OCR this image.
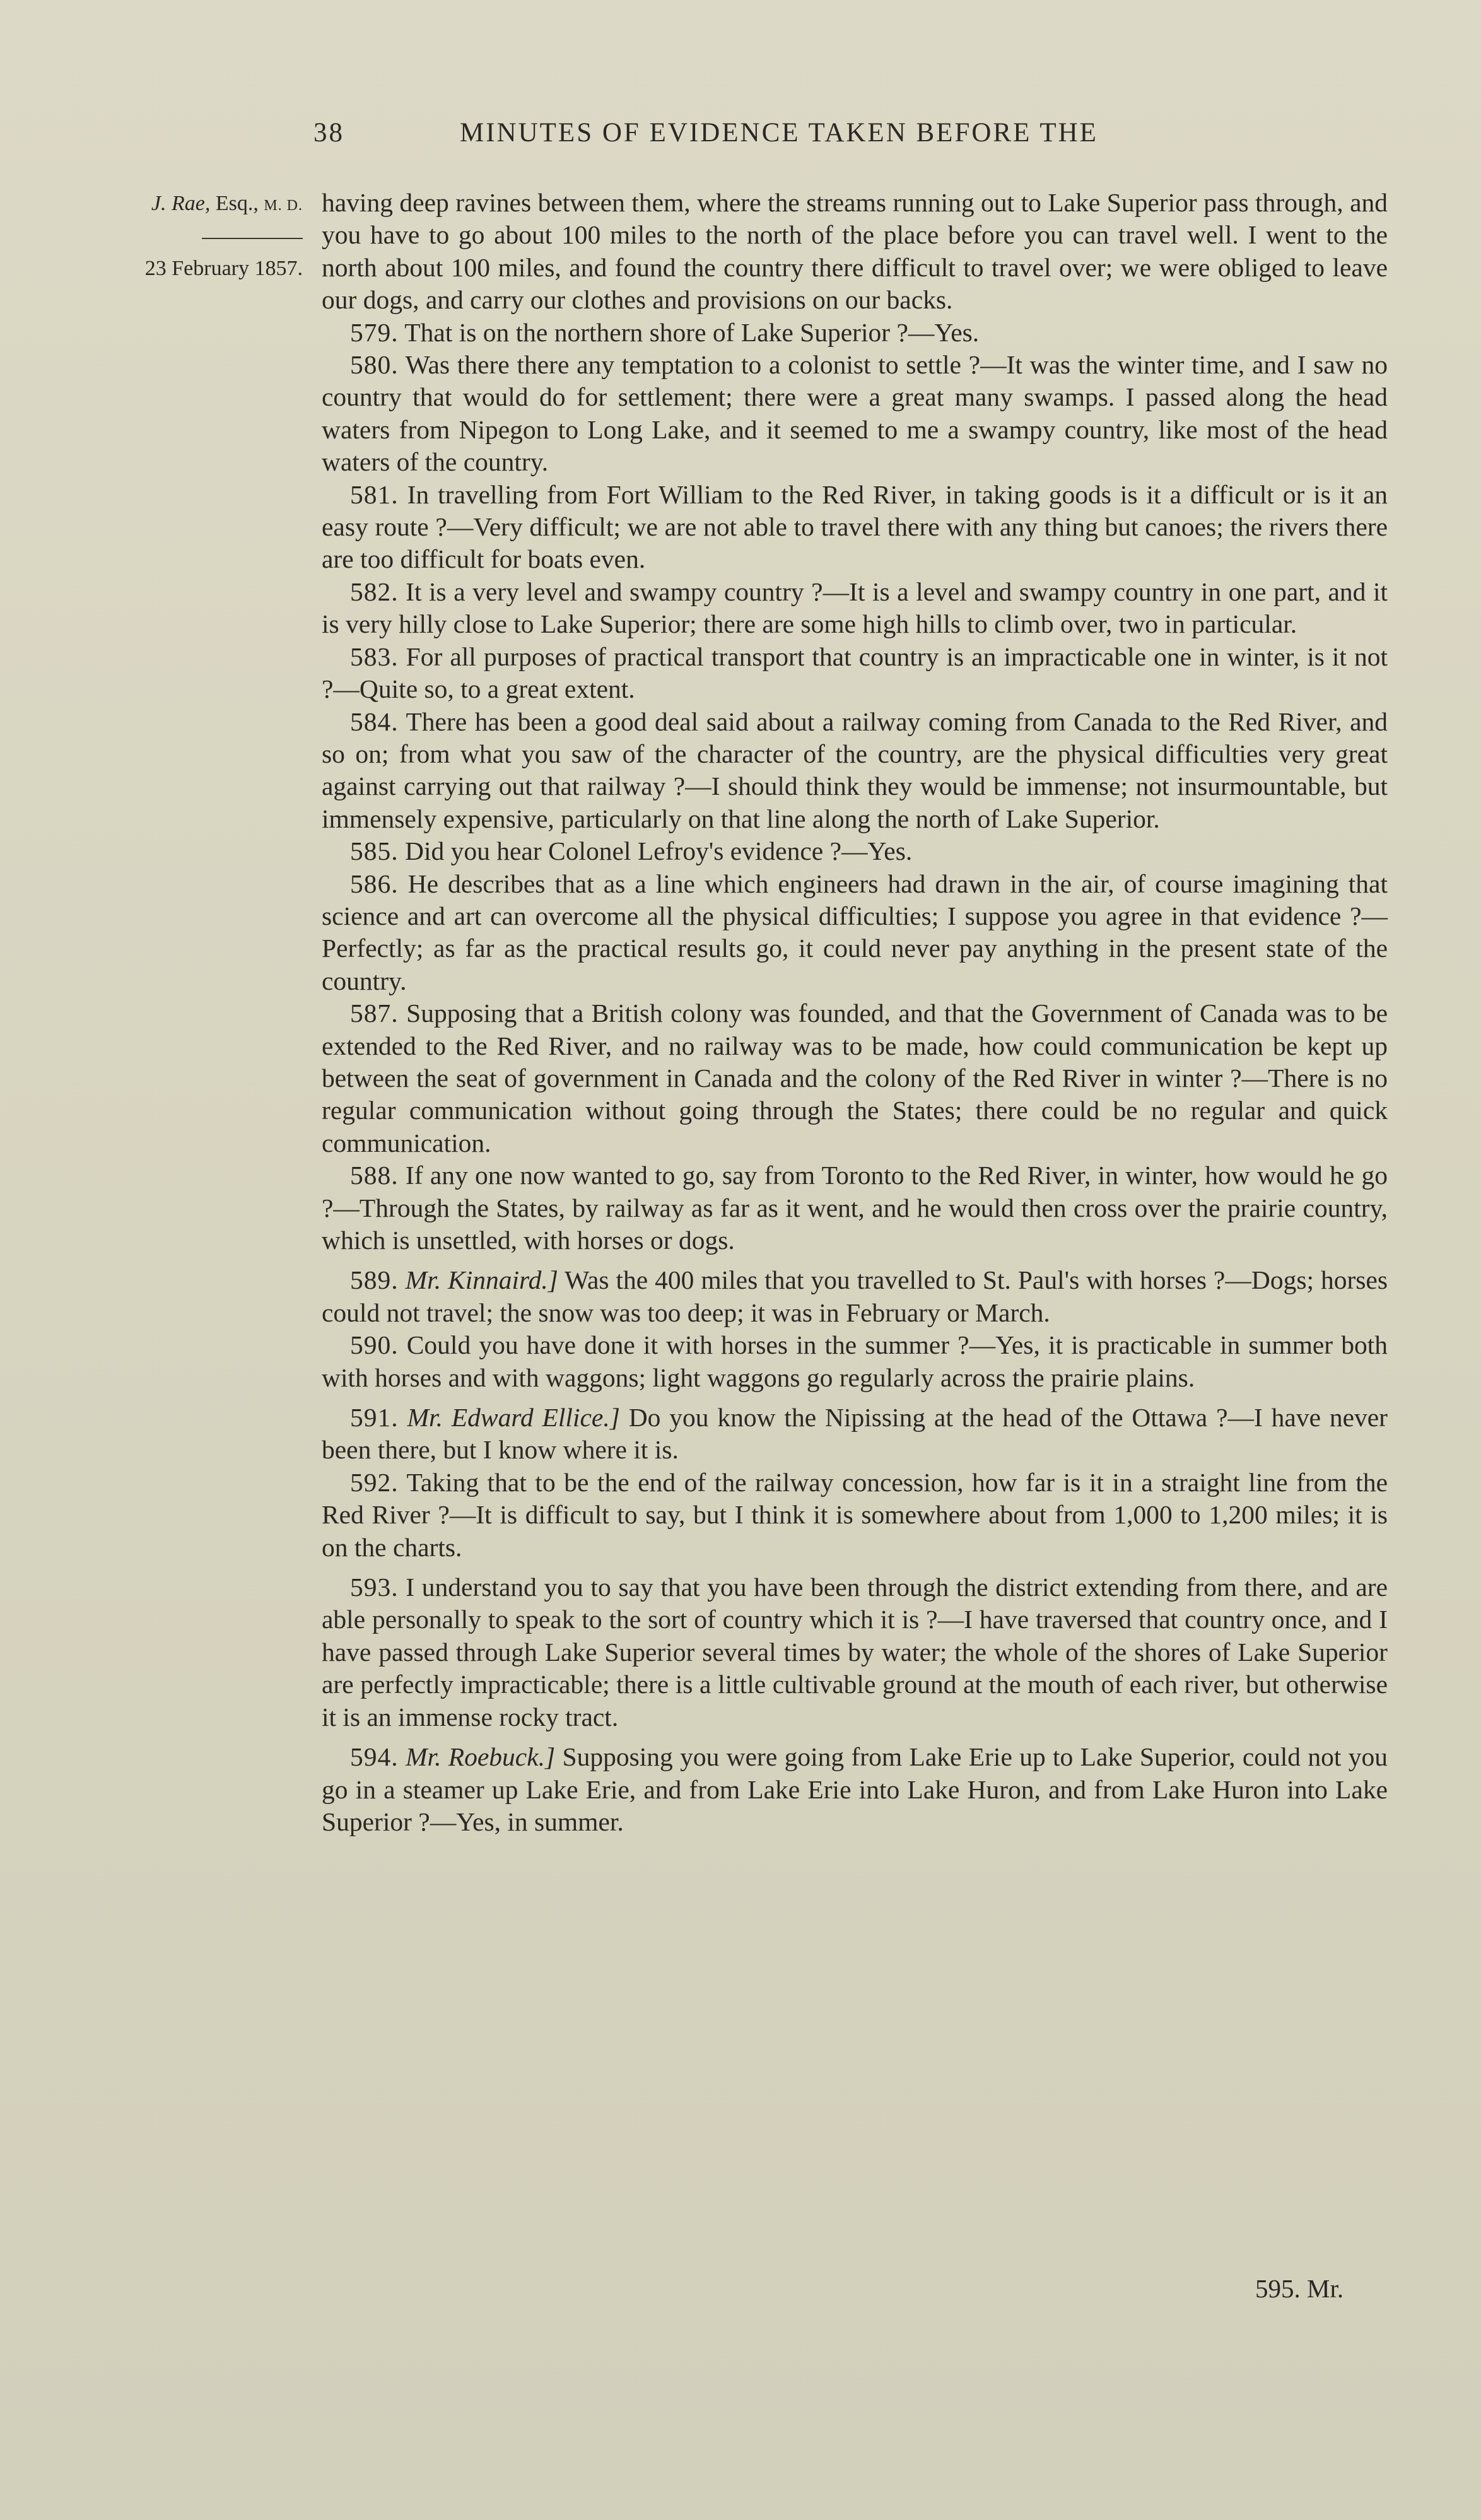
38	MINUTES OF EVIDENCE TAKEN BEFORE THE
J. Rae, Esq., M. D.
23 February 1857.

having deep ravines between them, where the streams running out to Lake Superior pass through, and you have to go about 100 miles to the north of the place before you can travel well. I went to the north about 100 miles, and found the country there difficult to travel over; we were obliged to leave our dogs, and carry our clothes and provisions on our backs.

579. That is on the northern shore of Lake Superior ?—Yes.

580. Was there there any temptation to a colonist to settle ?—It was the winter time, and I saw no country that would do for settlement; there were a great many swamps. I passed along the head waters from Nipegon to Long Lake, and it seemed to me a swampy country, like most of the head waters of the country.

581. In travelling from Fort William to the Red River, in taking goods is it a difficult or is it an easy route ?—Very difficult; we are not able to travel there with any thing but canoes; the rivers there are too difficult for boats even.

582. It is a very level and swampy country ?—It is a level and swampy country in one part, and it is very hilly close to Lake Superior; there are some high hills to climb over, two in particular.

583. For all purposes of practical transport that country is an impracticable one in winter, is it not ?—Quite so, to a great extent.

584. There has been a good deal said about a railway coming from Canada to the Red River, and so on; from what you saw of the character of the country, are the physical difficulties very great against carrying out that railway ?—I should think they would be immense; not insurmountable, but immensely expensive, particularly on that line along the north of Lake Superior.

585. Did you hear Colonel Lefroy's evidence ?—Yes.

586. He describes that as a line which engineers had drawn in the air, of course imagining that science and art can overcome all the physical difficulties; I suppose you agree in that evidence ?—Perfectly; as far as the practical results go, it could never pay anything in the present state of the country.

587. Supposing that a British colony was founded, and that the Government of Canada was to be extended to the Red River, and no railway was to be made, how could communication be kept up between the seat of government in Canada and the colony of the Red River in winter ?—There is no regular communication without going through the States; there could be no regular and quick communication.

588. If any one now wanted to go, say from Toronto to the Red River, in winter, how would he go ?—Through the States, by railway as far as it went, and he would then cross over the prairie country, which is unsettled, with horses or dogs.

589. Mr. Kinnaird.] Was the 400 miles that you travelled to St. Paul's with horses ?—Dogs; horses could not travel; the snow was too deep; it was in February or March.

590. Could you have done it with horses in the summer ?—Yes, it is practicable in summer both with horses and with waggons; light waggons go regularly across the prairie plains.

591. Mr. Edward Ellice.] Do you know the Nipissing at the head of the Ottawa ?—I have never been there, but I know where it is.

592. Taking that to be the end of the railway concession, how far is it in a straight line from the Red River ?—It is difficult to say, but I think it is somewhere about from 1,000 to 1,200 miles; it is on the charts.

593. I understand you to say that you have been through the district extending from there, and are able personally to speak to the sort of country which it is ?—I have traversed that country once, and I have passed through Lake Superior several times by water; the whole of the shores of Lake Superior are perfectly impracticable; there is a little cultivable ground at the mouth of each river, but otherwise it is an immense rocky tract.

594. Mr. Roebuck.] Supposing you were going from Lake Erie up to Lake Superior, could not you go in a steamer up Lake Erie, and from Lake Erie into Lake Huron, and from Lake Huron into Lake Superior ?—Yes, in summer.

595. Mr.
